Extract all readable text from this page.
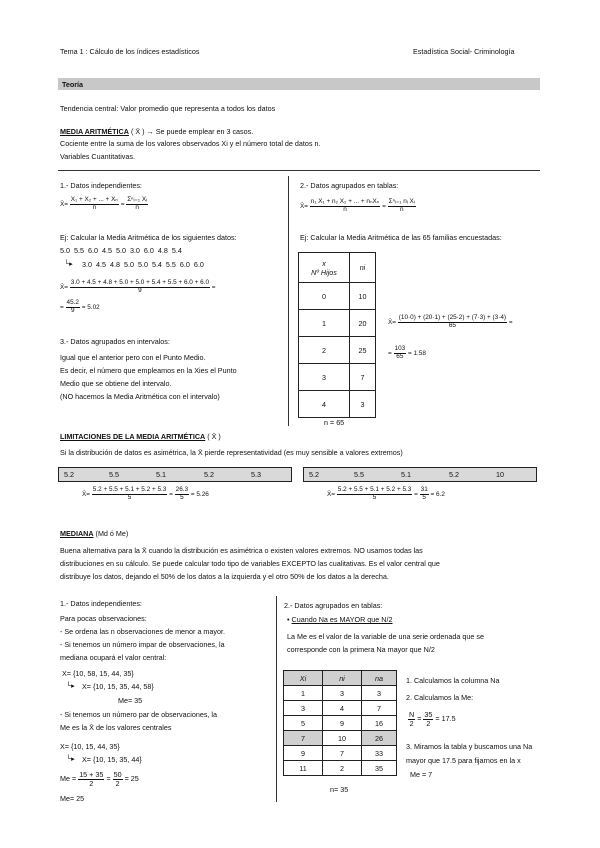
Tema 1 : Cálculo de los índices estadísticos	Estadística Social- Criminología
Teoría
Tendencia central: Valor promedio que representa a todos los datos
MEDIA ARITMÉTICA ( X̄ ) → Se puede emplear en 3 casos.
Cociente entre la suma de los valores observados Xi y el número total de datos n.
Variables Cuantitativas.
1.- Datos independientes:
X̄= $\frac{\text{X₁ + X₂ + ... + Xₙ}}{n} = \frac{\text{Σⁿᵢ₌₁ Xᵢ}}{n}$
Ej: Calcular la Media Aritmética de los siguientes datos:
5.0 5.5 6.0 4.5 5.0 3.0 6.0 4.8 5.4
└▸ 3.0 4.5 4.8 5.0 5.0 5.4 5.5 6.0 6.0
X̄= $\frac{3.0 + 4.5 + 4.8 + 5.0 + 5.0 + 5.4 + 5.5 + 6.0 + 6.0}{9}$ =
= $\frac{45.2}{9} = 5.02$
3.- Datos agrupados en intervalos:
Igual que el anterior pero con el Punto Medio.
Es decir, el número que empleamos en la Xies el Punto
Medio que se obtiene del intervalo.
(NO hacemos la Media Aritmética con el intervalo)
2.- Datos agrupados en tablas:
X̄= $\frac{\text{n₁ X₁ + n₂ X₂ + ... + nₙXₙ}}{n} = \frac{\text{Σⁿᵢ₌₁ nᵢ Xᵢ}}{n}$
Ej: Calcular la Media Aritmética de las 65 familias encuestadas:
x
Nº Hijos	ni
0	10
1	20
2	25
3	7
4	3
n = 65
X̄= $\frac{(10\cdot 0) + (20\cdot 1) + (25\cdot 2) + (7\cdot 3) + (3\cdot 4)}{65}$ =
= $\frac{103}{65} = 1.58$
LIMITACIONES DE LA MEDIA ARITMÉTICA ( X̄ )
Si la distribución de datos es asimétrica, la X̄ pierde representatividad (es muy sensible a valores extremos)
5.2	5.5	5.1	5.2	5.3	5.2	5.5	5.1	5.2	10
X̄= $\frac{5.2 + 5.5 + 5.1 + 5.2 + 5.3}{5} = \frac{26.3}{5} = 5.26$	X̄= $\frac{5.2 + 5.5 + 5.1 + 5.2 + 5.3}{5} = \frac{31}{5} = 6.2$
MEDIANA (Md ó Me)
Buena alternativa para la X̄ cuando la distribución es asimétrica o existen valores extremos. NO usamos todas las
distribuciones en su cálculo. Se puede calcular todo tipo de variables EXCEPTO las cualitativas. Es el valor central que
distribuye los datos, dejando el 50% de los datos a la izquierda y el otro 50% de los datos a la derecha.
1.- Datos independientes:
Para pocas observaciones:
- Se ordena las n observaciones de menor a mayor.
- Si tenemos un número impar de observaciones, la
mediana ocupará el valor central:
X= {10, 58, 15, 44, 35}
└▸ X= {10, 15, 35, 44, 58}
Me= 35
- Si tenemos un número par de observaciones, la
Me es la X̄ de los valores centrales
X= {10, 15, 44, 35}
└▸ X= {10, 15, 35, 44}
$Me = \frac{15 + 35}{2} = \frac{50}{2} = 25$
Me= 25
2.- Datos agrupados en tablas:
• Cuando Na es MAYOR que N/2
La Me es el valor de la variable de una serie ordenada que se
corresponde con la primera Na mayor que N/2
Xi	ni	na
1	3	3
3	4	7
5	9	16
7	10	26
9	7	33
11	2	35
n= 35
1. Calculamos la columna Na
2. Calculamos la Me:
$\frac{N}{2} = \frac{35}{2} = 17.5$
3. Miramos la tabla y buscamos una Na
mayor que 17.5 para fijarnos en la x
Me = 7
